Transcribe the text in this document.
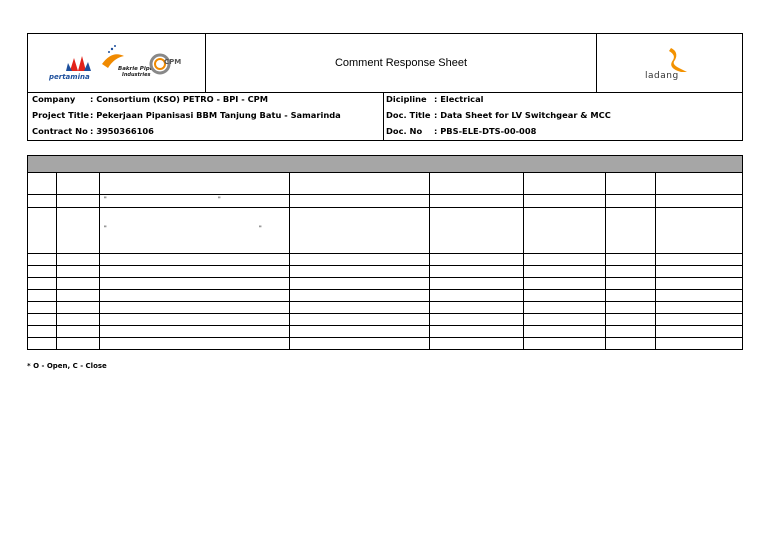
pertamina
Bakrie Pipe
Industries
CPM	Comment Response Sheet
ladang
Company : Consortium (KSO) PETRO - BPI - CPM
Project Title : Pekerjaan Pipanisasi BBM Tanjung Batu - Samarinda
Contract No : 3950366106
Dicipline : Electrical
Doc. Title : Data Sheet for LV Switchgear & MCC
Doc. No : PBS-ELE-DTS-00-008
"	"
"	"
* O - Open, C - Close
